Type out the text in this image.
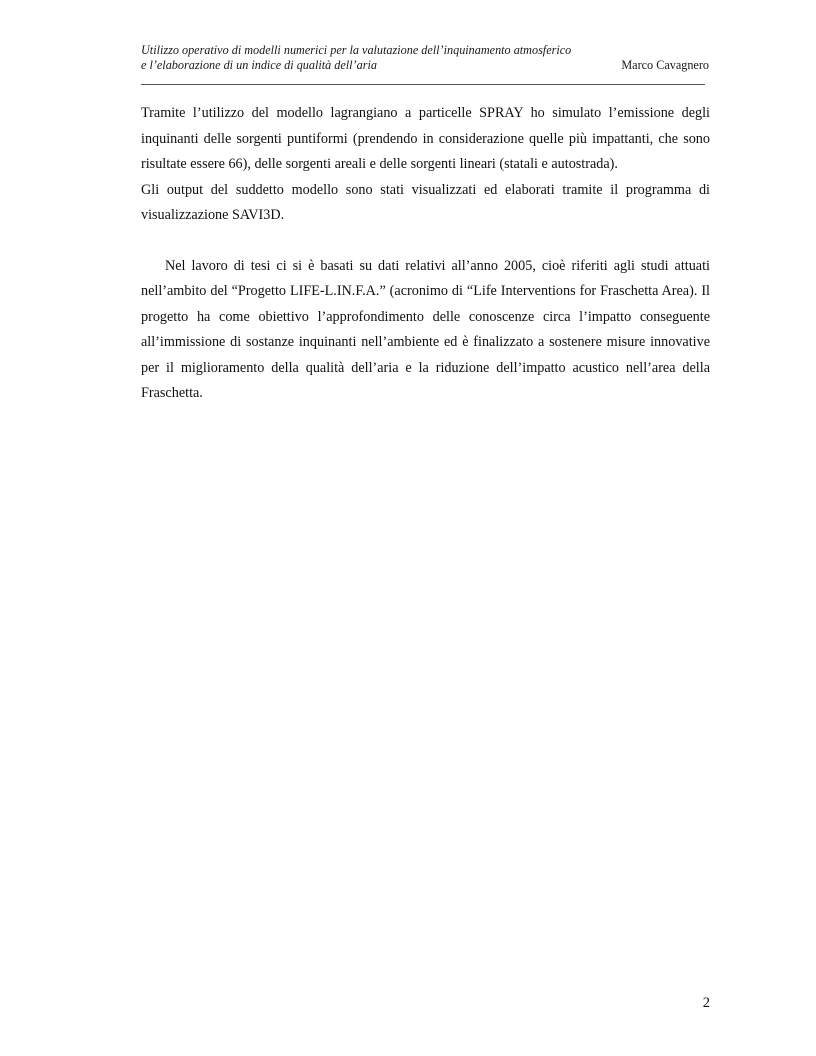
Utilizzo operativo di modelli numerici per la valutazione dell’inquinamento atmosferico

e l’elaborazione di un indice di qualità dell’aria	Marco Cavagnero

Tramite l’utilizzo del modello lagrangiano a particelle SPRAY ho simulato l’emissione degli inquinanti delle sorgenti puntiformi (prendendo in considerazione quelle più impattanti, che sono risultate essere 66), delle sorgenti areali e delle sorgenti lineari (statali e autostrada).

Gli output del suddetto modello sono stati visualizzati ed elaborati tramite il programma di visualizzazione SAVI3D.

Nel lavoro di tesi ci si è basati su dati relativi all’anno 2005, cioè riferiti agli studi attuati nell’ambito del “Progetto LIFE-L.IN.F.A.” (acronimo di “Life Interventions for Fraschetta Area). Il progetto ha come obiettivo l’approfondimento delle conoscenze circa l’impatto conseguente all’immissione di sostanze inquinanti nell’ambiente ed è finalizzato a sostenere misure innovative per il miglioramento della qualità dell’aria e la riduzione dell’impatto acustico nell’area della Fraschetta.

2
